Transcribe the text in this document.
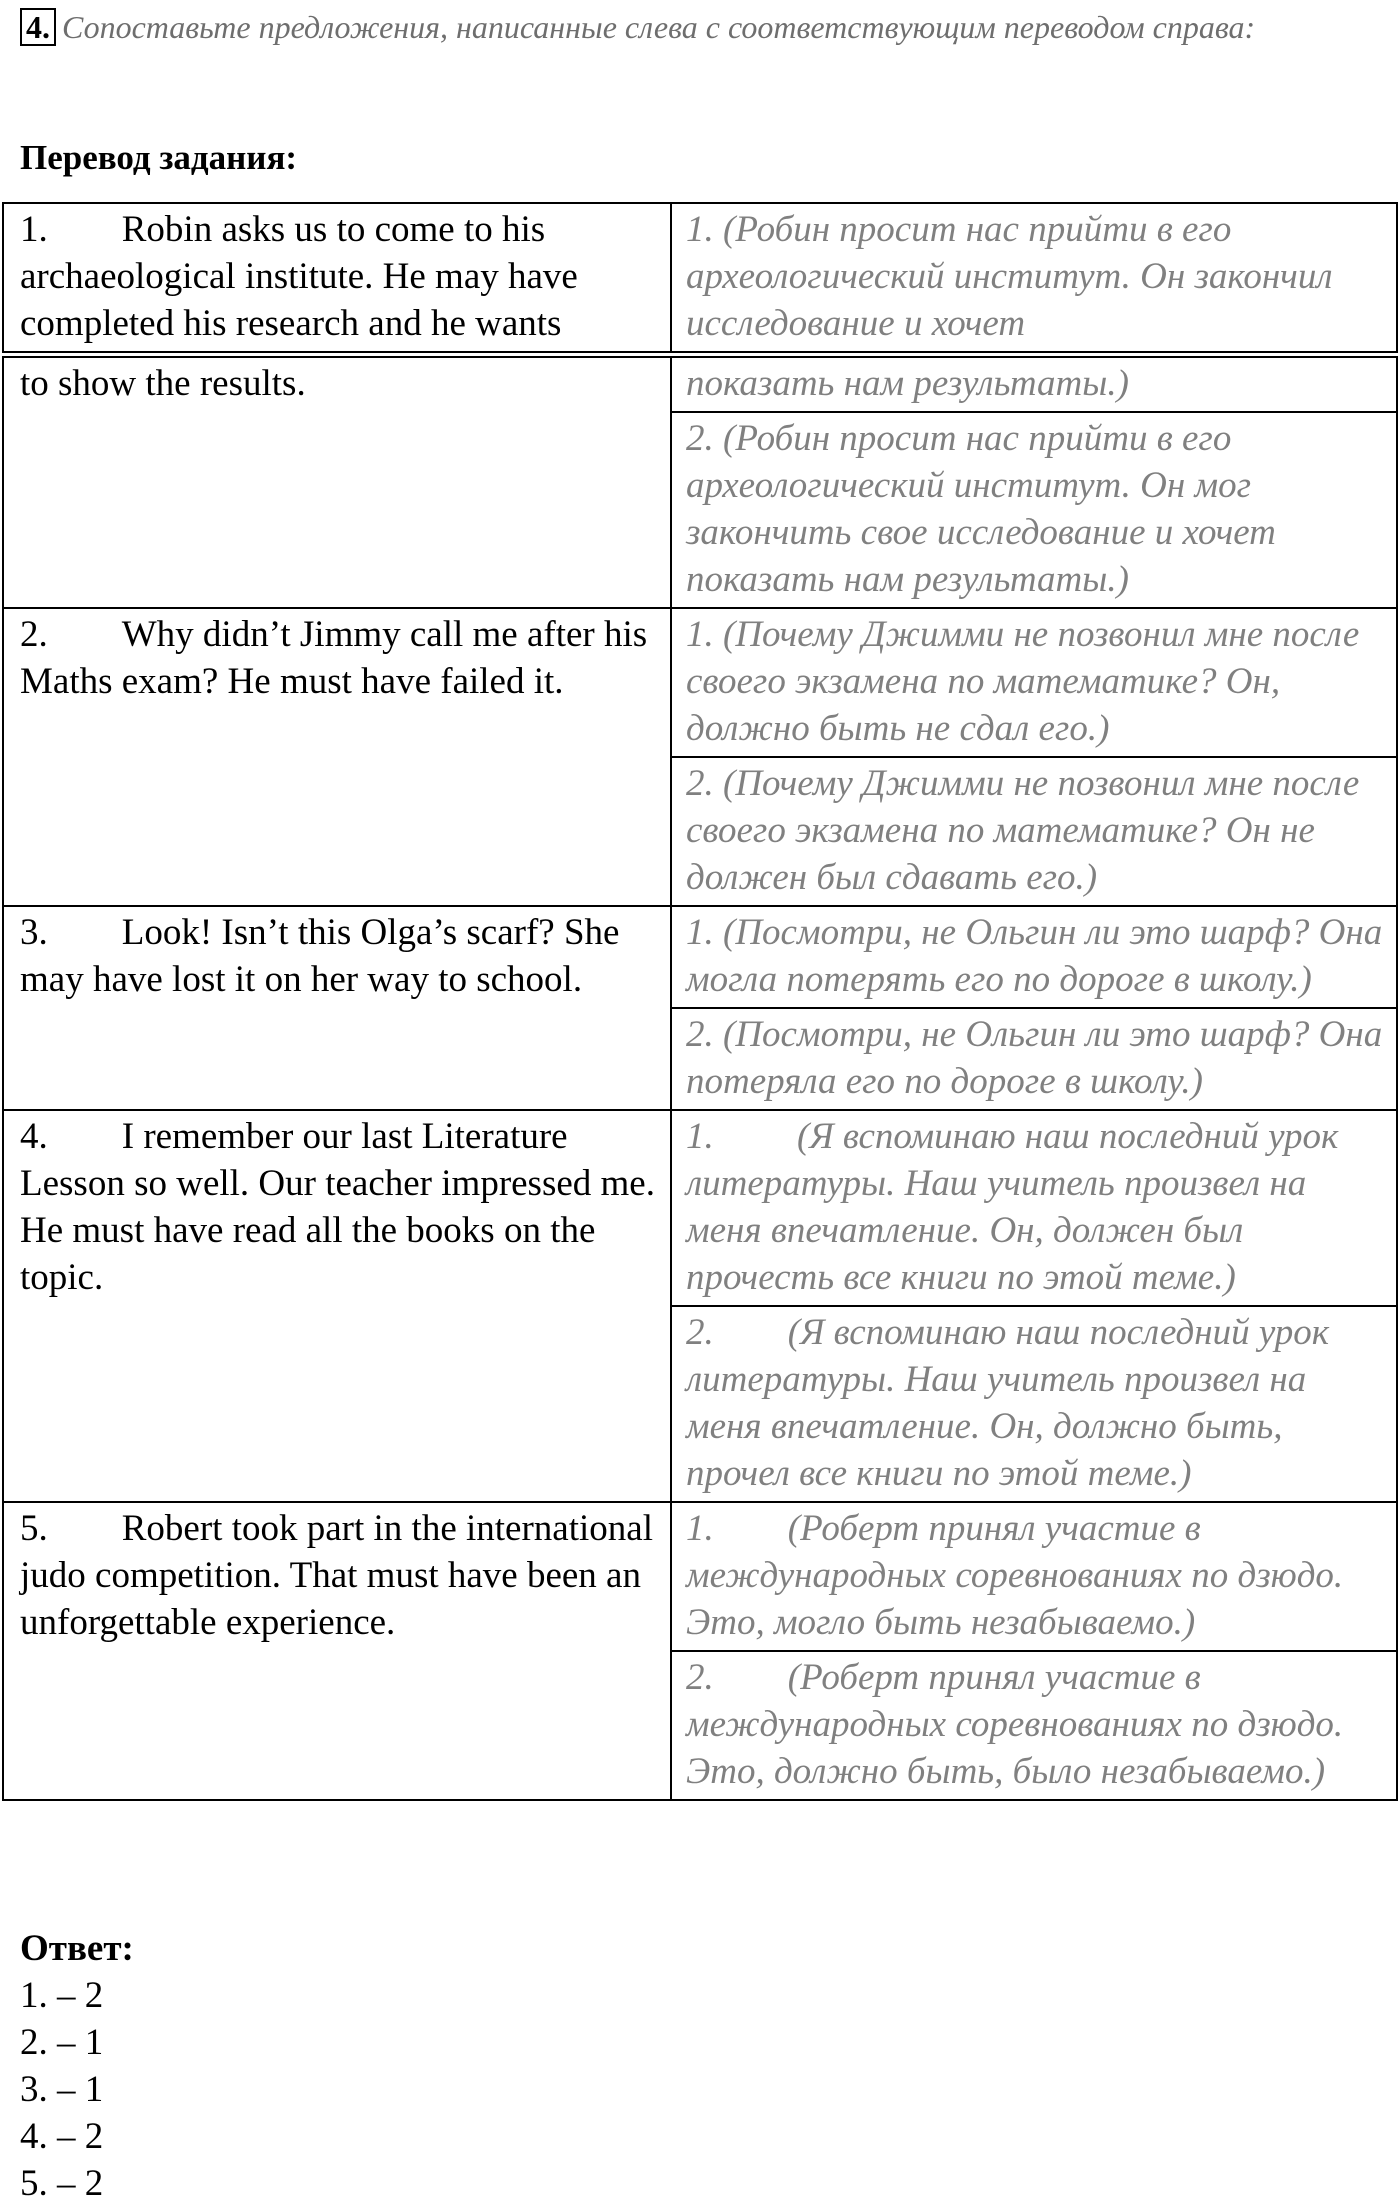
4. Сопоставьте предложения, написанные слева с соответствующим переводом справа:
Перевод задания:
1.  Robin asks us to come to his archaeological institute. He may have completed his research and he wants	1. (Робин просит нас прийти в его археологический институт. Он закончил исследование и хочет
to show the results.	показать нам результаты.)
	2. (Робин просит нас прийти в его археологический институт. Он мог закончить свое исследование и хочет показать нам результаты.)
2.  Why didn’t Jimmy call me after his Maths exam? He must have failed it.	1. (Почему Джимми не позвонил мне после своего экзамена по математике? Он, должно быть не сдал его.)
	2. (Почему Джимми не позвонил мне после своего экзамена по математике? Он не должен был сдавать его.)
3.  Look! Isn’t this Olga’s scarf? She may have lost it on her way to school.	1. (Посмотри, не Ольгин ли это шарф? Она могла потерять его по дороге в школу.)
	2. (Посмотри, не Ольгин ли это шарф? Она потеряла его по дороге в школу.)
4.  I remember our last Literature Lesson so well. Our teacher impressed me. He must have read all the books on the topic.	1.   (Я вспоминаю наш последний урок литературы. Наш учитель произвел на меня впечатление. Он, должен был прочесть все книги по этой теме.)
	2.  (Я вспоминаю наш последний урок литературы. Наш учитель произвел на меня впечатление. Он, должно быть, прочел все книги по этой теме.)
5.  Robert took part in the international judo competition. That must have been an unforgettable experience.	1.  (Роберт принял участие в международных соревнованиях по дзюдо. Это, могло быть незабываемо.)
	2.  (Роберт принял участие в международных соревнованиях по дзюдо. Это, должно быть, было незабываемо.)
Ответ:
1. – 2
2. – 1
3. – 1
4. – 2
5. – 2
